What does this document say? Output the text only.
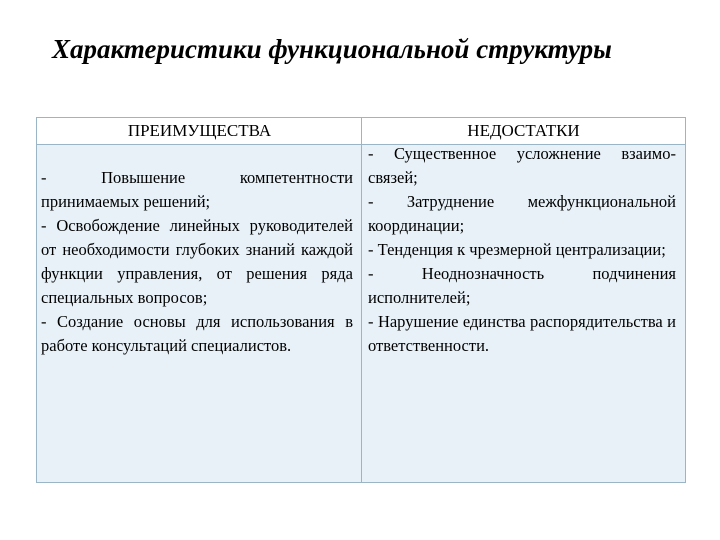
Характеристики функциональной структуры
ПРЕИМУЩЕСТВА	НЕДОСТАТКИ
- Повышение компетентности принимаемых решений;
- Освобождение линейных руководителей от необходимости глубоких знаний каждой функции управления, от решения ряда специальных вопросов;
- Создание основы для использования в работе консультаций специалистов.
- Существенное усложнение взаимо-связей;
- Затруднение межфункциональной координации;
- Тенденция к чрезмерной централизации;
- Неоднозначность подчинения исполнителей;
- Нарушение единства распорядительства и ответственности.
